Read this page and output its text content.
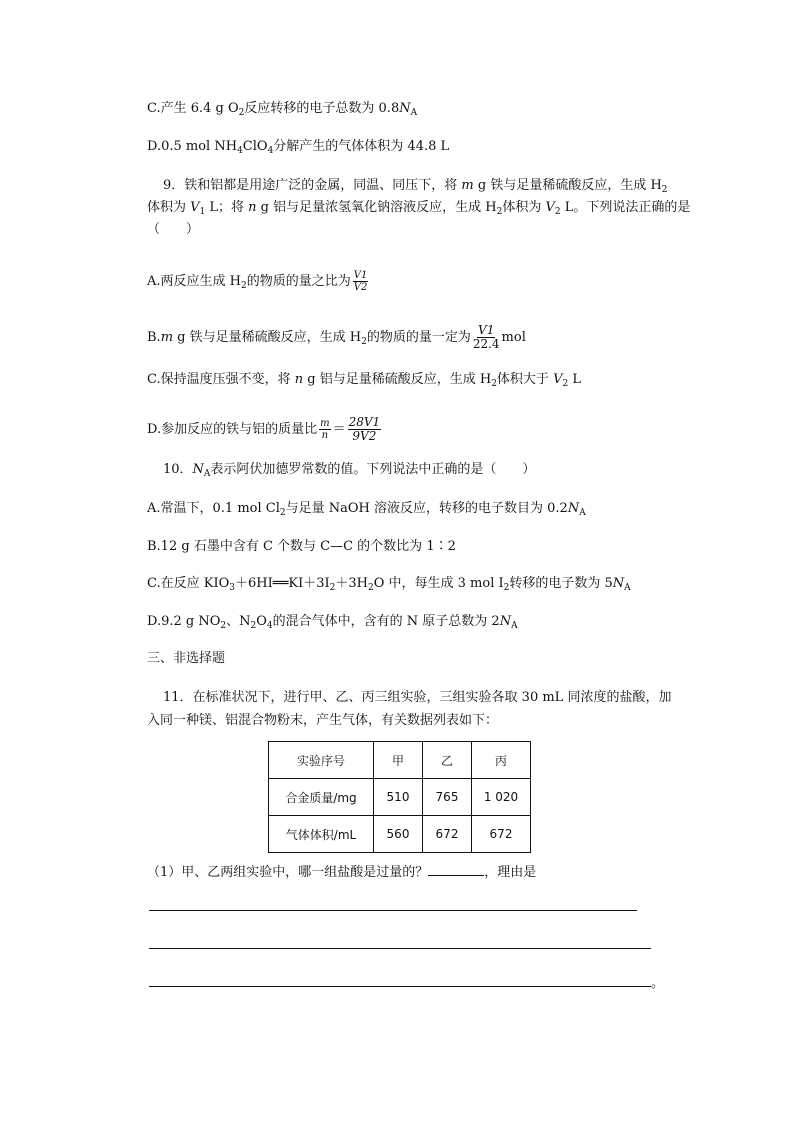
C.产生 6.4 g $O_2$反应转移的电子总数为 $0.8N_A$
D.0.5 mol $NH_4ClO_4$分解产生的气体体积为 44.8 L
9．铁和铝都是用途广泛的金属，同温、同压下，将 m g 铁与足量稀硫酸反应，生成 $H_2$
体积为 $V_1$ L；将 n g 铝与足量浓氢氧化钠溶液反应，生成 $H_2$体积为 $V_2$ L。下列说法正确的是
（　　）
A.两反应生成 $H_2$的物质的量之比为 $\frac{V1}{V2}$
B.m g 铁与足量稀硫酸反应，生成 $H_2$的物质的量一定为 $\frac{V1}{22.4}$ mol
C.保持温度压强不变，将 n g 铝与足量稀硫酸反应，生成 $H_2$体积大于 $V_2$ L
D.参加反应的铁与铝的质量比 $\frac{m}{n} = \frac{28V1}{9V2}$
10．$N_A$表示阿伏加德罗常数的值。下列说法中正确的是（　　）
A.常温下，0.1 mol $Cl_2$与足量 NaOH 溶液反应，转移的电子数目为 $0.2N_A$
B.12 g 石墨中含有 C 个数与 C—C 的个数比为 1∶2
C.在反应 $KIO_3+6HI══KI+3I_2+3H_2O$ 中，每生成 3 mol $I_2$转移的电子数为 $5N_A$
D.9.2 g $NO_2$、$N_2O_4$的混合气体中，含有的 N 原子总数为 $2N_A$
三、非选择题
11．在标准状况下，进行甲、乙、丙三组实验，三组实验各取 30 mL 同浓度的盐酸，加
入同一种镁、铝混合物粉末，产生气体，有关数据列表如下：
实验序号	甲	乙	丙
合金质量/mg	510	765	1 020
气体体积/mL	560	672	672
（1）甲、乙两组实验中，哪一组盐酸是过量的？	，理由是
。
